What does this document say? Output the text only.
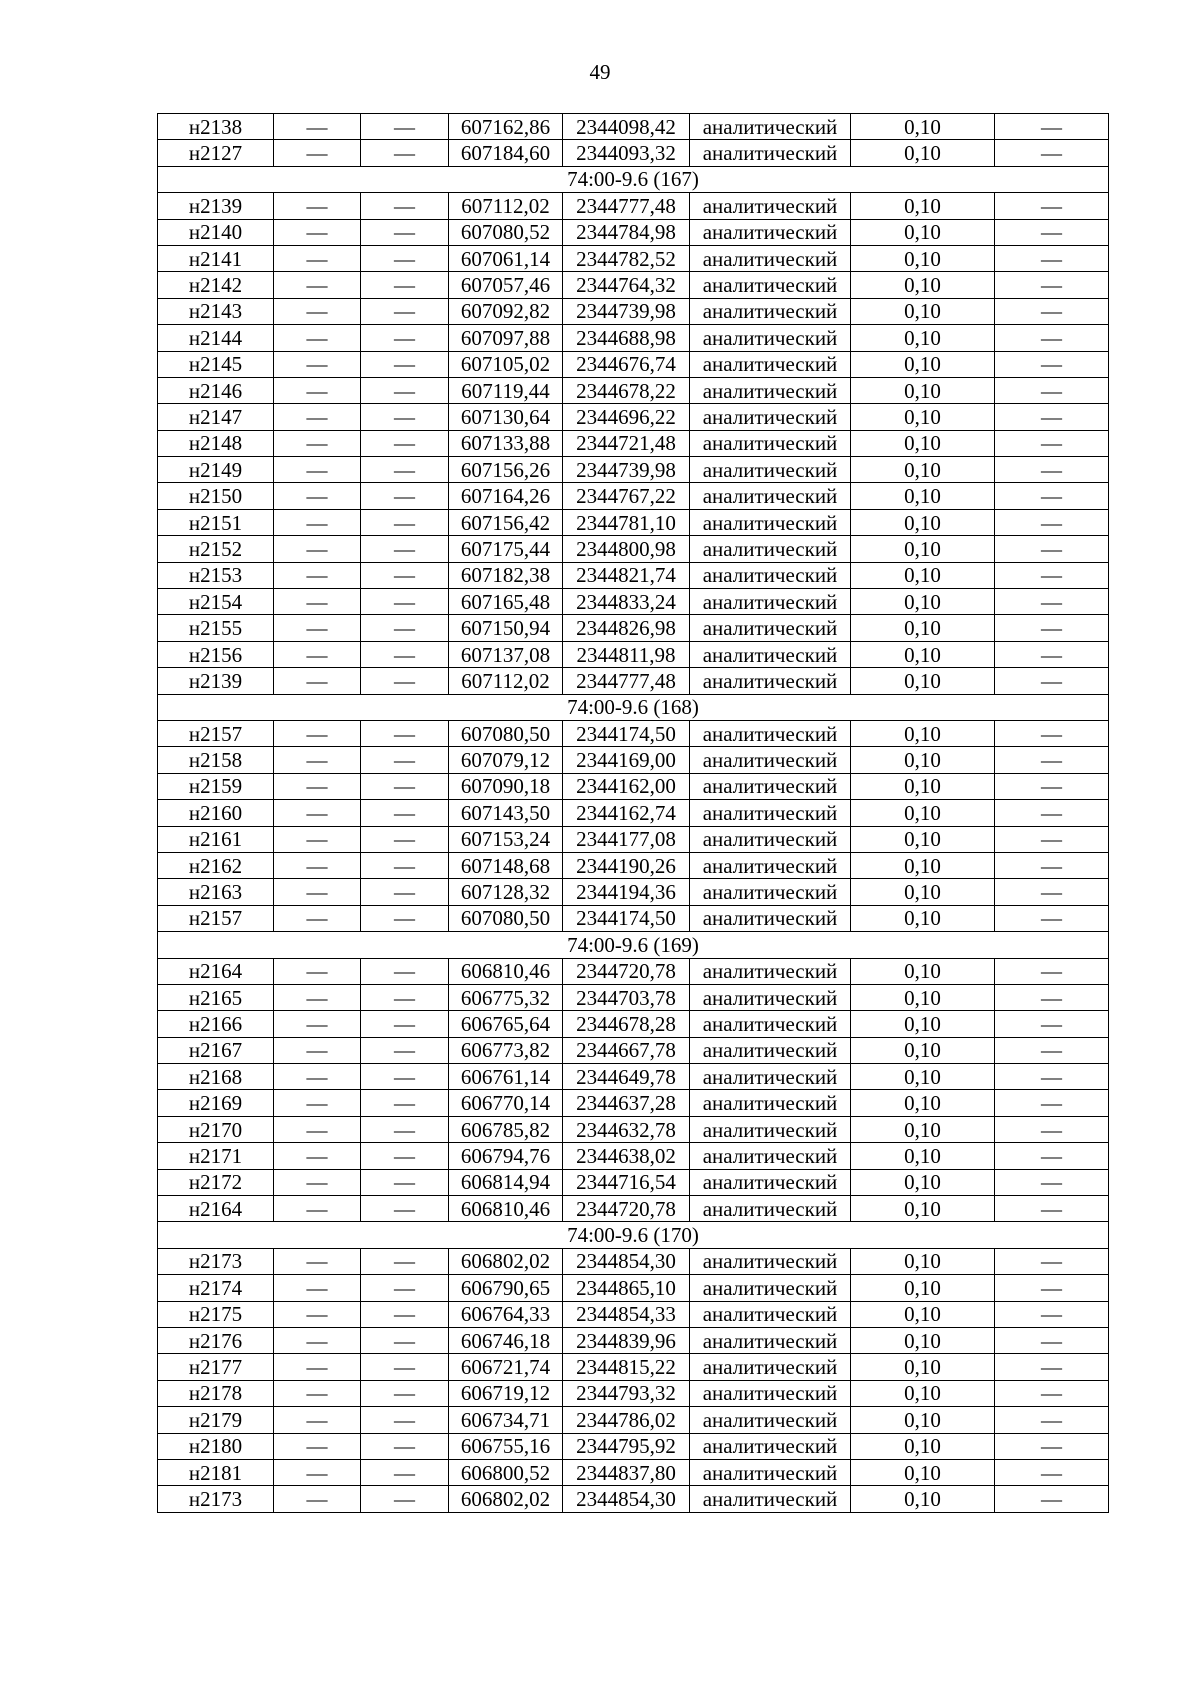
49
н2138	—	—	607162,86	2344098,42	аналитический	0,10	—
н2127	—	—	607184,60	2344093,32	аналитический	0,10	—
74:00-9.6 (167)							
н2139	—	—	607112,02	2344777,48	аналитический	0,10	—
н2140	—	—	607080,52	2344784,98	аналитический	0,10	—
н2141	—	—	607061,14	2344782,52	аналитический	0,10	—
н2142	—	—	607057,46	2344764,32	аналитический	0,10	—
н2143	—	—	607092,82	2344739,98	аналитический	0,10	—
н2144	—	—	607097,88	2344688,98	аналитический	0,10	—
н2145	—	—	607105,02	2344676,74	аналитический	0,10	—
н2146	—	—	607119,44	2344678,22	аналитический	0,10	—
н2147	—	—	607130,64	2344696,22	аналитический	0,10	—
н2148	—	—	607133,88	2344721,48	аналитический	0,10	—
н2149	—	—	607156,26	2344739,98	аналитический	0,10	—
н2150	—	—	607164,26	2344767,22	аналитический	0,10	—
н2151	—	—	607156,42	2344781,10	аналитический	0,10	—
н2152	—	—	607175,44	2344800,98	аналитический	0,10	—
н2153	—	—	607182,38	2344821,74	аналитический	0,10	—
н2154	—	—	607165,48	2344833,24	аналитический	0,10	—
н2155	—	—	607150,94	2344826,98	аналитический	0,10	—
н2156	—	—	607137,08	2344811,98	аналитический	0,10	—
н2139	—	—	607112,02	2344777,48	аналитический	0,10	—
74:00-9.6 (168)							
н2157	—	—	607080,50	2344174,50	аналитический	0,10	—
н2158	—	—	607079,12	2344169,00	аналитический	0,10	—
н2159	—	—	607090,18	2344162,00	аналитический	0,10	—
н2160	—	—	607143,50	2344162,74	аналитический	0,10	—
н2161	—	—	607153,24	2344177,08	аналитический	0,10	—
н2162	—	—	607148,68	2344190,26	аналитический	0,10	—
н2163	—	—	607128,32	2344194,36	аналитический	0,10	—
н2157	—	—	607080,50	2344174,50	аналитический	0,10	—
74:00-9.6 (169)							
н2164	—	—	606810,46	2344720,78	аналитический	0,10	—
н2165	—	—	606775,32	2344703,78	аналитический	0,10	—
н2166	—	—	606765,64	2344678,28	аналитический	0,10	—
н2167	—	—	606773,82	2344667,78	аналитический	0,10	—
н2168	—	—	606761,14	2344649,78	аналитический	0,10	—
н2169	—	—	606770,14	2344637,28	аналитический	0,10	—
н2170	—	—	606785,82	2344632,78	аналитический	0,10	—
н2171	—	—	606794,76	2344638,02	аналитический	0,10	—
н2172	—	—	606814,94	2344716,54	аналитический	0,10	—
н2164	—	—	606810,46	2344720,78	аналитический	0,10	—
74:00-9.6 (170)							
н2173	—	—	606802,02	2344854,30	аналитический	0,10	—
н2174	—	—	606790,65	2344865,10	аналитический	0,10	—
н2175	—	—	606764,33	2344854,33	аналитический	0,10	—
н2176	—	—	606746,18	2344839,96	аналитический	0,10	—
н2177	—	—	606721,74	2344815,22	аналитический	0,10	—
н2178	—	—	606719,12	2344793,32	аналитический	0,10	—
н2179	—	—	606734,71	2344786,02	аналитический	0,10	—
н2180	—	—	606755,16	2344795,92	аналитический	0,10	—
н2181	—	—	606800,52	2344837,80	аналитический	0,10	—
н2173	—	—	606802,02	2344854,30	аналитический	0,10	—
